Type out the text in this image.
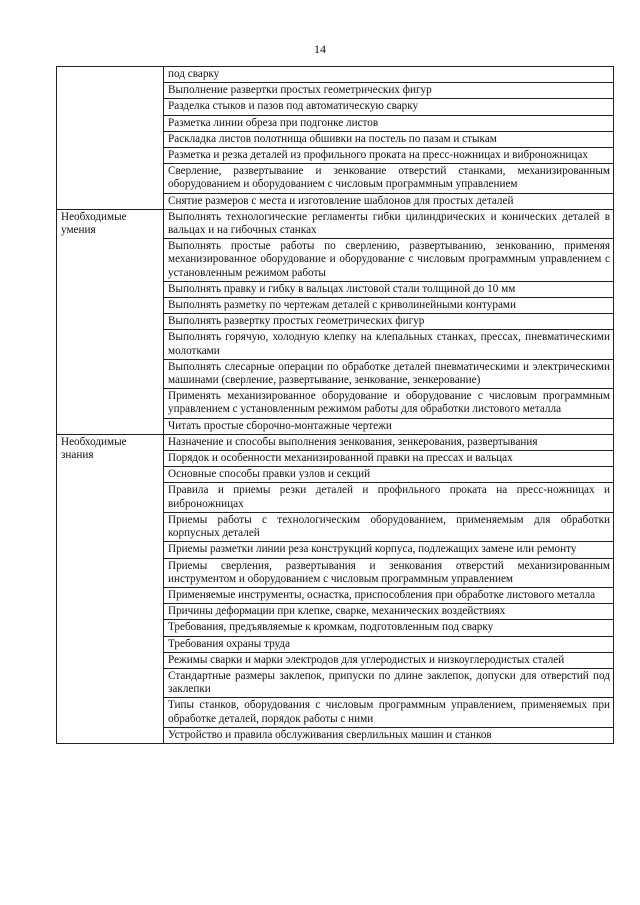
14
	под сварку
	Выполнение развертки простых геометрических фигур
	Разделка стыков и пазов под автоматическую сварку
	Разметка линии обреза при подгонке листов
	Раскладка листов полотнища обшивки на постель по пазам и стыкам
	Разметка и резка деталей из профильного проката на пресс-ножницах и виброножницах
	Сверление, развертывание и зенкование отверстий станками, механизированным оборудованием и оборудованием с числовым программным управлением
	Снятие размеров с места и изготовление шаблонов для простых деталей
Необходимые умения	Выполнять технологические регламенты гибки цилиндрических и конических деталей в вальцах и на гибочных станках
	Выполнять простые работы по сверлению, развертыванию, зенкованию, применяя механизированное оборудование и оборудование с числовым программным управлением с установленным режимом работы
	Выполнять правку и гибку в вальцах листовой стали толщиной до 10 мм
	Выполнять разметку по чертежам деталей с криволинейными контурами
	Выполнять развертку простых геометрических фигур
	Выполнять горячую, холодную клепку на клепальных станках, прессах, пневматическими молотками
	Выполнять слесарные операции по обработке деталей пневматическими и электрическими машинами (сверление, развертывание, зенкование, зенкерование)
	Применять механизированное оборудование и оборудование с числовым программным управлением с установленным режимом работы для обработки листового металла
	Читать простые сборочно-монтажные чертежи
Необходимые знания	Назначение и способы выполнения зенкования, зенкерования, развертывания
	Порядок и особенности механизированной правки на прессах и вальцах
	Основные способы правки узлов и секций
	Правила и приемы резки деталей и профильного проката на пресс-ножницах и виброножницах
	Приемы работы с технологическим оборудованием, применяемым для обработки корпусных деталей
	Приемы разметки линии реза конструкций корпуса, подлежащих замене или ремонту
	Приемы сверления, развертывания и зенкования отверстий механизированным инструментом и оборудованием с числовым программным управлением
	Применяемые инструменты, оснастка, приспособления при обработке листового металла
	Причины деформации при клепке, сварке, механических воздействиях
	Требования, предъявляемые к кромкам, подготовленным под сварку
	Требования охраны труда
	Режимы сварки и марки электродов для углеродистых и низкоуглеродистых сталей
	Стандартные размеры заклепок, припуски по длине заклепок, допуски для отверстий под заклепки
	Типы станков, оборудования с числовым программным управлением, применяемых при обработке деталей, порядок работы с ними
	Устройство и правила обслуживания сверлильных машин и станков
